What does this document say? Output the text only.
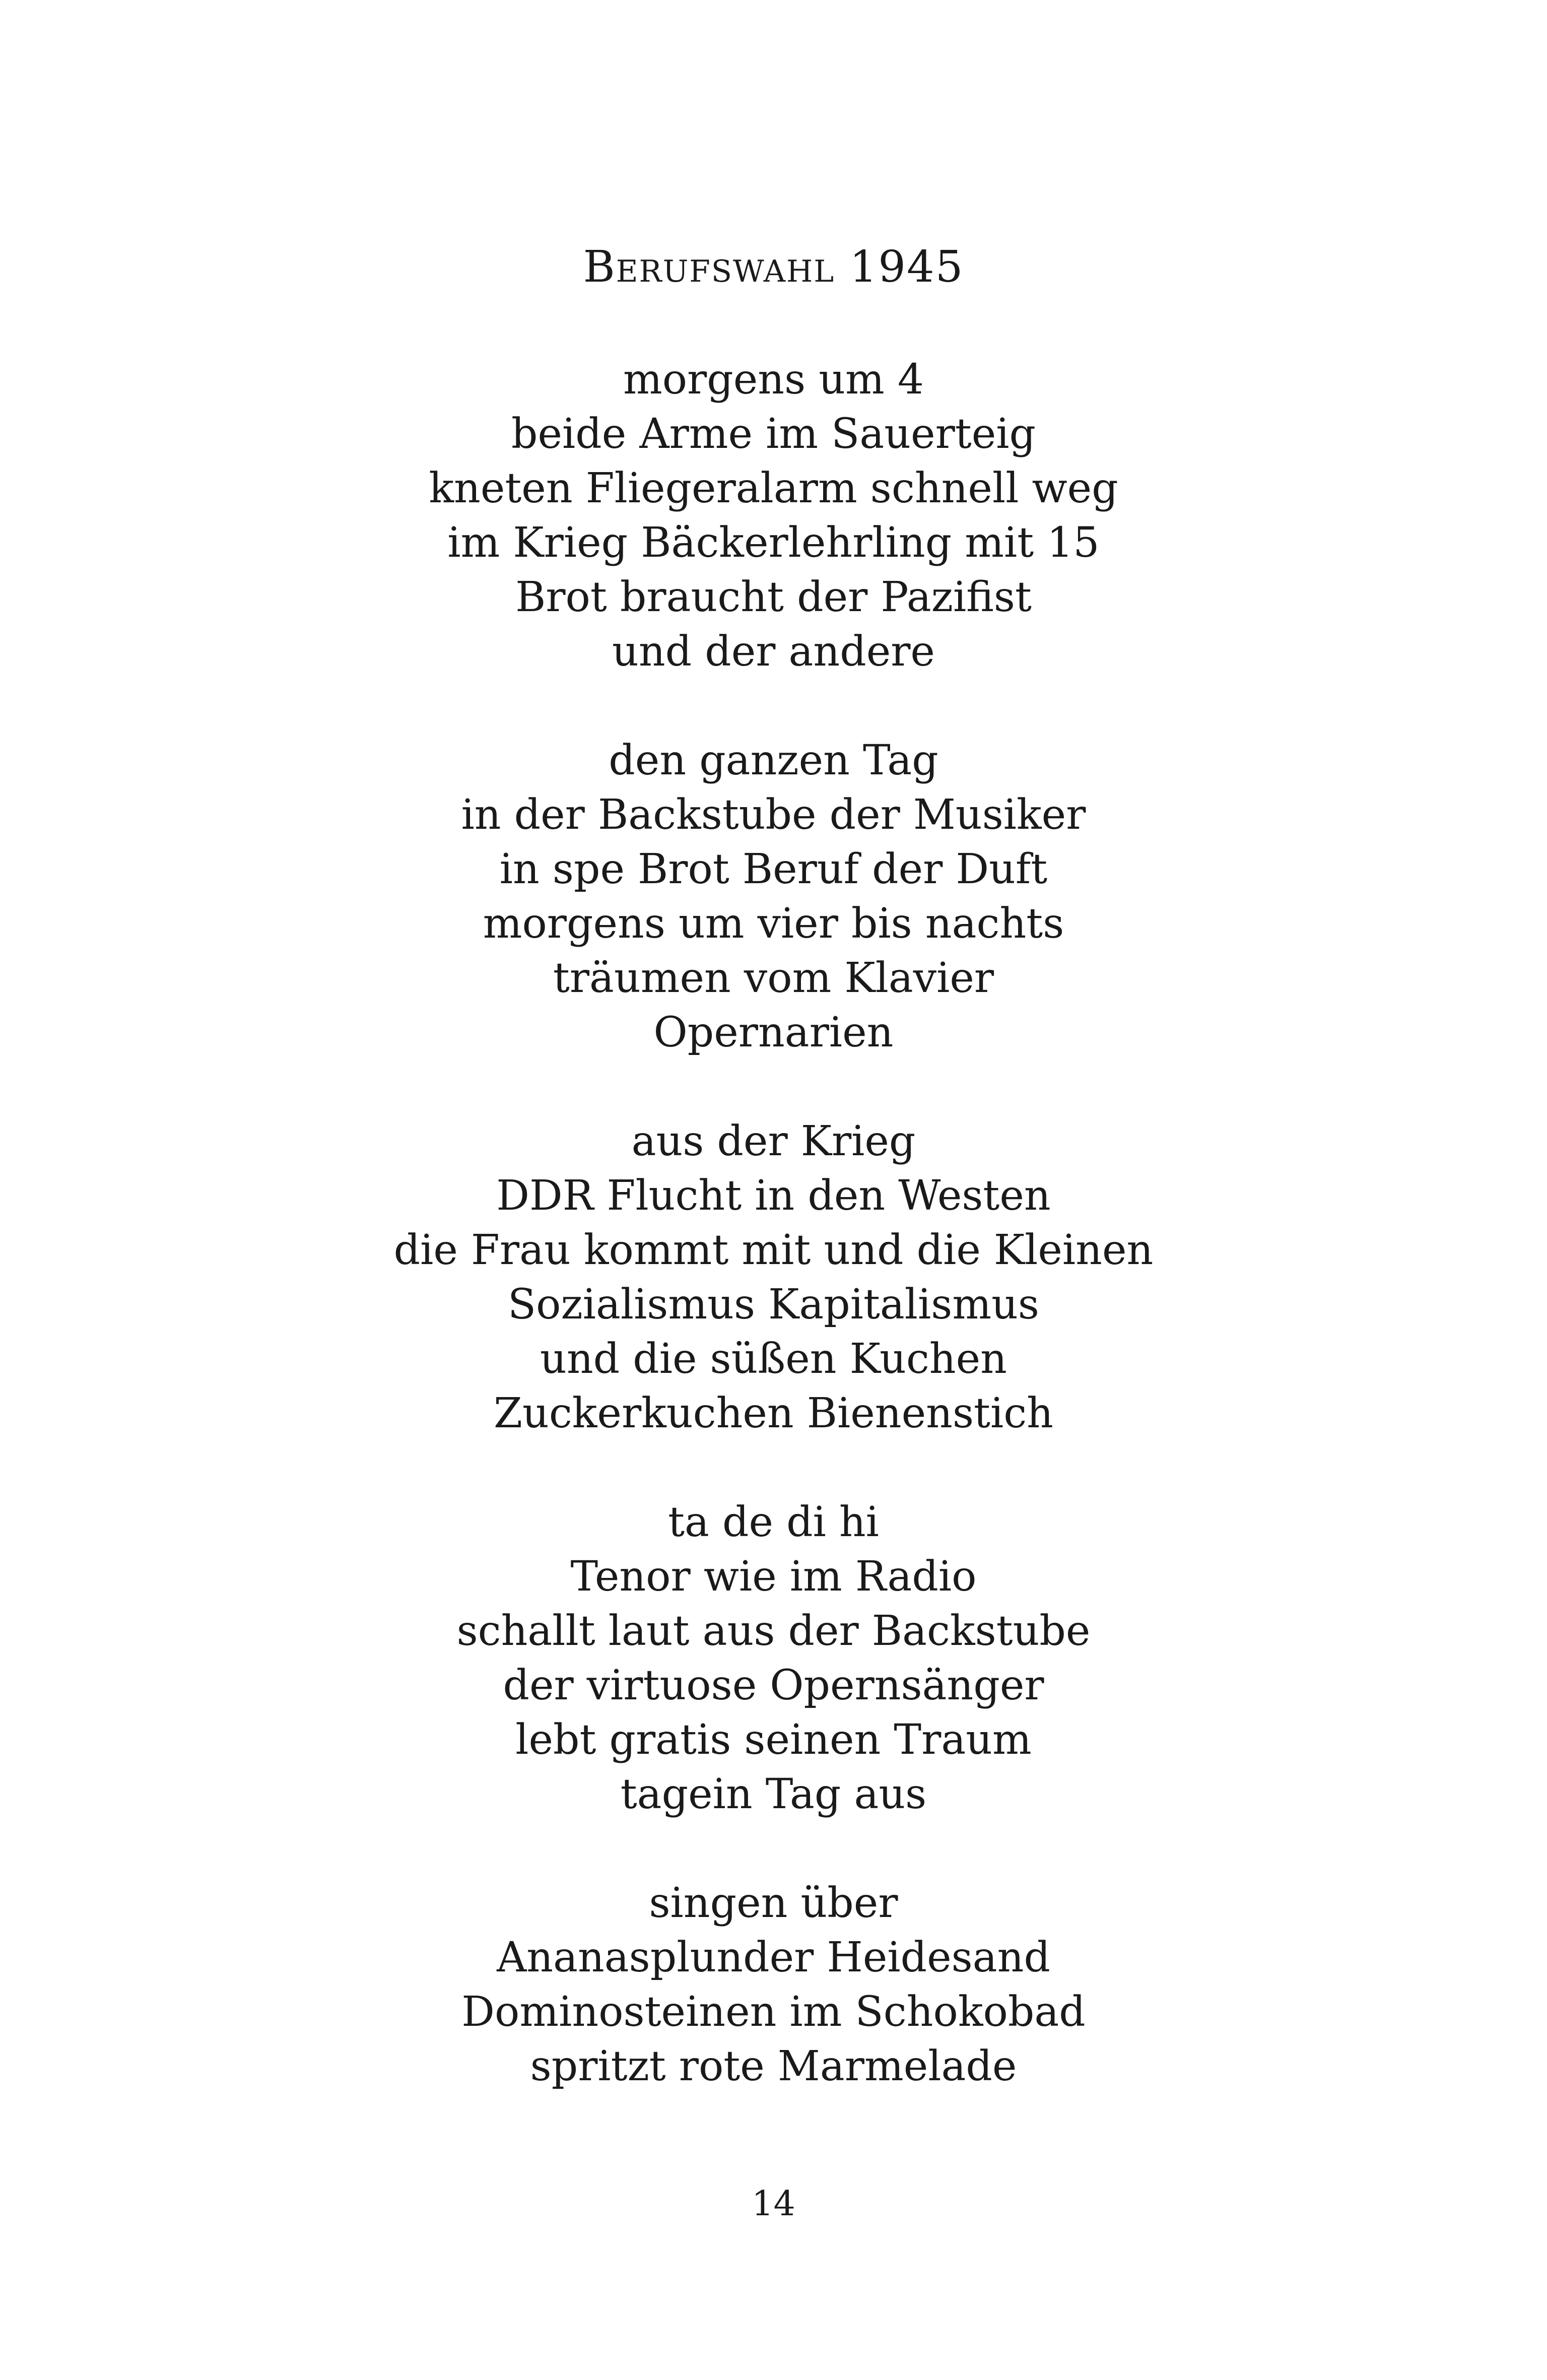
Berufswahl 1945
morgens um 4
beide Arme im Sauerteig
kneten Fliegeralarm schnell weg
im Krieg Bäckerlehrling mit 15
Brot braucht der Pazifist
und der andere
den ganzen Tag
in der Backstube der Musiker
in spe Brot Beruf der Duft
morgens um vier bis nachts
träumen vom Klavier
Opernarien
aus der Krieg
DDR Flucht in den Westen
die Frau kommt mit und die Kleinen
Sozialismus Kapitalismus
und die süßen Kuchen
Zuckerkuchen Bienenstich
ta de di hi
Tenor wie im Radio
schallt laut aus der Backstube
der virtuose Opernsänger
lebt gratis seinen Traum
tagein Tag aus
singen über
Ananasplunder Heidesand
Dominosteinen im Schokobad
spritzt rote Marmelade
14
